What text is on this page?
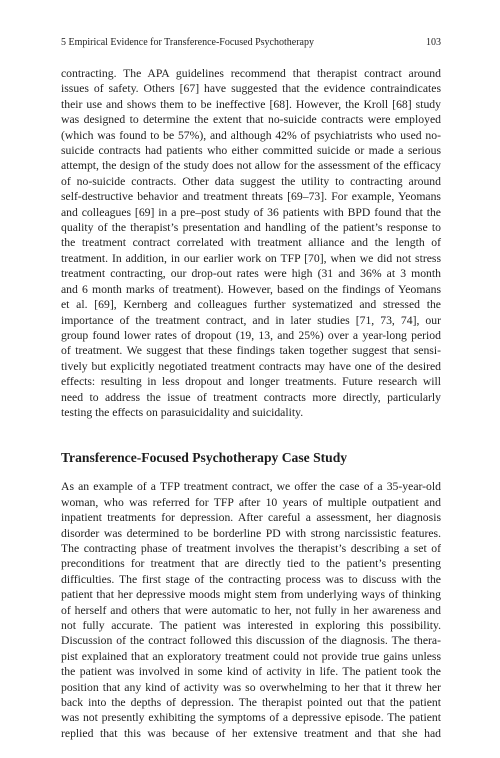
5 Empirical Evidence for Transference-Focused Psychotherapy	103
contracting. The APA guidelines recommend that therapist contract around
issues of safety. Others [67] have suggested that the evidence contraindicates
their use and shows them to be ineffective [68]. However, the Kroll [68] study
was designed to determine the extent that no-suicide contracts were employed
(which was found to be 57%), and although 42% of psychiatrists who used no-
suicide contracts had patients who either committed suicide or made a serious
attempt, the design of the study does not allow for the assessment of the efficacy
of no-suicide contracts. Other data suggest the utility to contracting around
self-destructive behavior and treatment threats [69–73]. For example, Yeomans
and colleagues [69] in a pre–post study of 36 patients with BPD found that the
quality of the therapist’s presentation and handling of the patient’s response to
the treatment contract correlated with treatment alliance and the length of
treatment. In addition, in our earlier work on TFP [70], when we did not stress
treatment contracting, our drop-out rates were high (31 and 36% at 3 month
and 6 month marks of treatment). However, based on the findings of Yeomans
et al. [69], Kernberg and colleagues further systematized and stressed the
importance of the treatment contract, and in later studies [71, 73, 74], our
group found lower rates of dropout (19, 13, and 25%) over a year-long period
of treatment. We suggest that these findings taken together suggest that sensi-
tively but explicitly negotiated treatment contracts may have one of the desired
effects: resulting in less dropout and longer treatments. Future research will
need to address the issue of treatment contracts more directly, particularly
testing the effects on parasuicidality and suicidality.
Transference-Focused Psychotherapy Case Study
As an example of a TFP treatment contract, we offer the case of a 35-year-old
woman, who was referred for TFP after 10 years of multiple outpatient and
inpatient treatments for depression. After careful a assessment, her diagnosis
disorder was determined to be borderline PD with strong narcissistic features.
The contracting phase of treatment involves the therapist’s describing a set of
preconditions for treatment that are directly tied to the patient’s presenting
difficulties. The first stage of the contracting process was to discuss with the
patient that her depressive moods might stem from underlying ways of thinking
of herself and others that were automatic to her, not fully in her awareness and
not fully accurate. The patient was interested in exploring this possibility.
Discussion of the contract followed this discussion of the diagnosis. The thera-
pist explained that an exploratory treatment could not provide true gains unless
the patient was involved in some kind of activity in life. The patient took the
position that any kind of activity was so overwhelming to her that it threw her
back into the depths of depression. The therapist pointed out that the patient
was not presently exhibiting the symptoms of a depressive episode. The patient
replied that this was because of her extensive treatment and that she had
